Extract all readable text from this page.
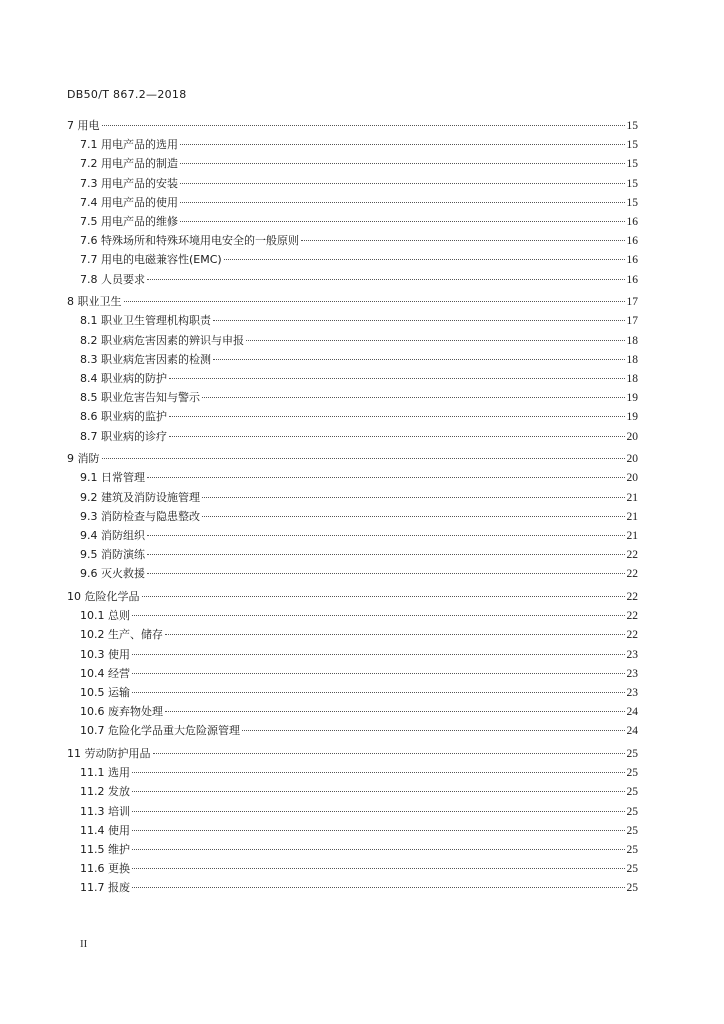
DB50/T 867.2—2018
7 用电	15
7.1 用电产品的选用	15
7.2 用电产品的制造	15
7.3 用电产品的安装	15
7.4 用电产品的使用	15
7.5 用电产品的维修	16
7.6 特殊场所和特殊环境用电安全的一般原则	16
7.7 用电的电磁兼容性(EMC)	16
7.8 人员要求	16
8 职业卫生	17
8.1 职业卫生管理机构职责	17
8.2 职业病危害因素的辨识与申报	18
8.3 职业病危害因素的检测	18
8.4 职业病的防护	18
8.5 职业危害告知与警示	19
8.6 职业病的监护	19
8.7 职业病的诊疗	20
9 消防	20
9.1 日常管理	20
9.2 建筑及消防设施管理	21
9.3 消防检查与隐患整改	21
9.4 消防组织	21
9.5 消防演练	22
9.6 灭火救援	22
10 危险化学品	22
10.1 总则	22
10.2 生产、储存	22
10.3 使用	23
10.4 经营	23
10.5 运输	23
10.6 废弃物处理	24
10.7 危险化学品重大危险源管理	24
11 劳动防护用品	25
11.1 选用	25
11.2 发放	25
11.3 培训	25
11.4 使用	25
11.5 维护	25
11.6 更换	25
11.7 报废	25
II
